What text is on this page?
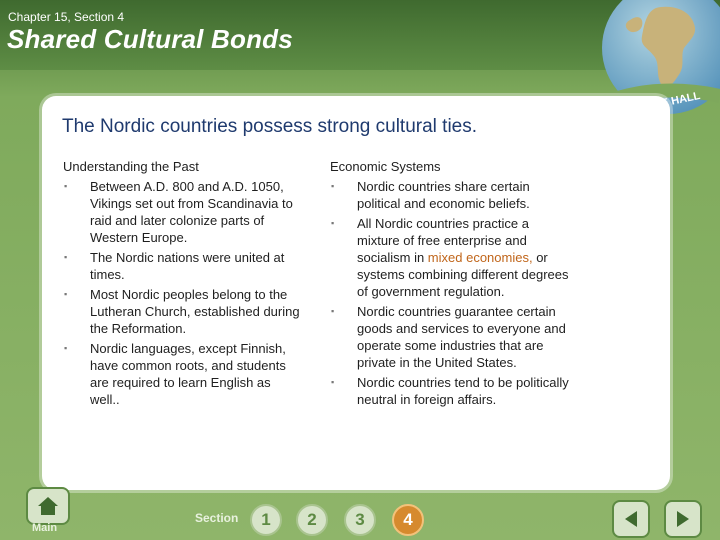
Chapter 15, Section 4
Shared Cultural Bonds
HALL
The Nordic countries possess strong cultural ties.
Understanding the Past
▪ Between A.D. 800 and A.D. 1050, Vikings set out from Scandinavia to raid and later colonize parts of Western Europe.
▪ The Nordic nations were united at times.
▪ Most Nordic peoples belong to the Lutheran Church, established during the Reformation.
▪ Nordic languages, except Finnish, have common roots, and students are required to learn English as well..
Economic Systems
▪ Nordic countries share certain political and economic beliefs.
▪ All Nordic countries practice a mixture of free enterprise and socialism in mixed economies, or systems combining different degrees of government regulation.
▪ Nordic countries guarantee certain goods and services to everyone and operate some industries that are private in the United States.
▪ Nordic countries tend to be politically neutral in foreign affairs.
Main
Section	1	2	3	4
